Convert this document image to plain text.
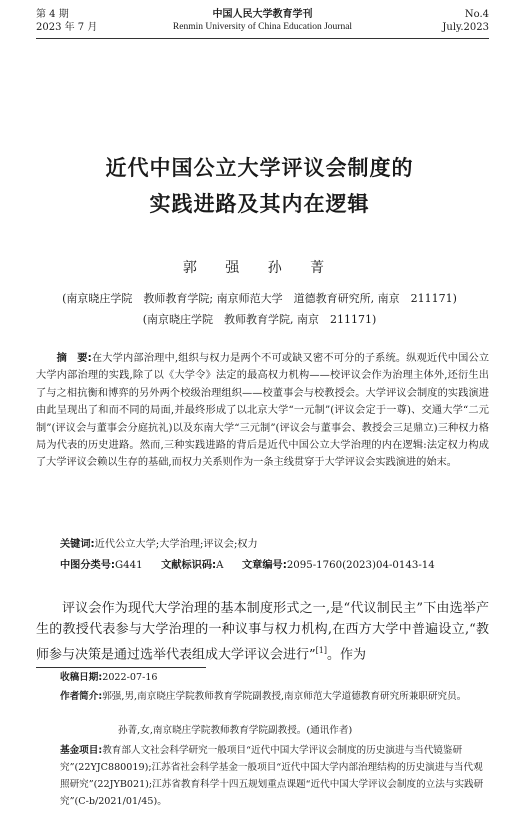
第 4 期
2023 年 7 月
中国人民大学教育学刊
Renmin University of China Education Journal
No.4
July.2023
近代中国公立大学评议会制度的
实践进路及其内在逻辑
郭 强 孙 菁
(南京晓庄学院　教师教育学院; 南京师范大学　道德教育研究所, 南京　211171)
(南京晓庄学院　教师教育学院, 南京　211171)
摘　要:在大学内部治理中,组织与权力是两个不可或缺又密不可分的子系统。纵观近代中国公立大学内部治理的实践,除了以《大学令》法定的最高权力机构——校评议会作为治理主体外,还衍生出了与之相抗衡和博弈的另外两个校级治理组织——校董事会与校教授会。大学评议会制度的实践演进由此呈现出了和而不同的局面,并最终形成了以北京大学“一元制”(评议会定于一尊)、交通大学“二元制”(评议会与董事会分庭抗礼)以及东南大学“三元制”(评议会与董事会、教授会三足鼎立)三种权力格局为代表的历史进路。然而,三种实践进路的背后是近代中国公立大学治理的内在逻辑:法定权力构成了大学评议会赖以生存的基础,而权力关系则作为一条主线贯穿于大学评议会实践演进的始末。
关键词:近代公立大学;大学治理;评议会;权力
中图分类号:G441 文献标识码:A 文章编号:2095-1760(2023)04-0143-14
评议会作为现代大学治理的基本制度形式之一,是“代议制民主”下由选举产生的教授代表参与大学治理的一种议事与权力机构,在西方大学中普遍设立,“教师参与决策是通过选举代表组成大学评议会进行”[1]。作为
收稿日期:2022-07-16
作者简介:郭强,男,南京晓庄学院教师教育学院副教授,南京师范大学道德教育研究所兼职研究员。
孙菁,女,南京晓庄学院教师教育学院副教授。(通讯作者)
基金项目:教育部人文社会科学研究一般项目“近代中国大学评议会制度的历史演进与当代镜鉴研究”(22YJC880019);江苏省社会科学基金一般项目“近代中国大学内部治理结构的历史演进与当代观照研究”(22JYB021);江苏省教育科学十四五规划重点课题“近代中国大学评议会制度的立法与实践研究”(C-b/2021/01/45)。
